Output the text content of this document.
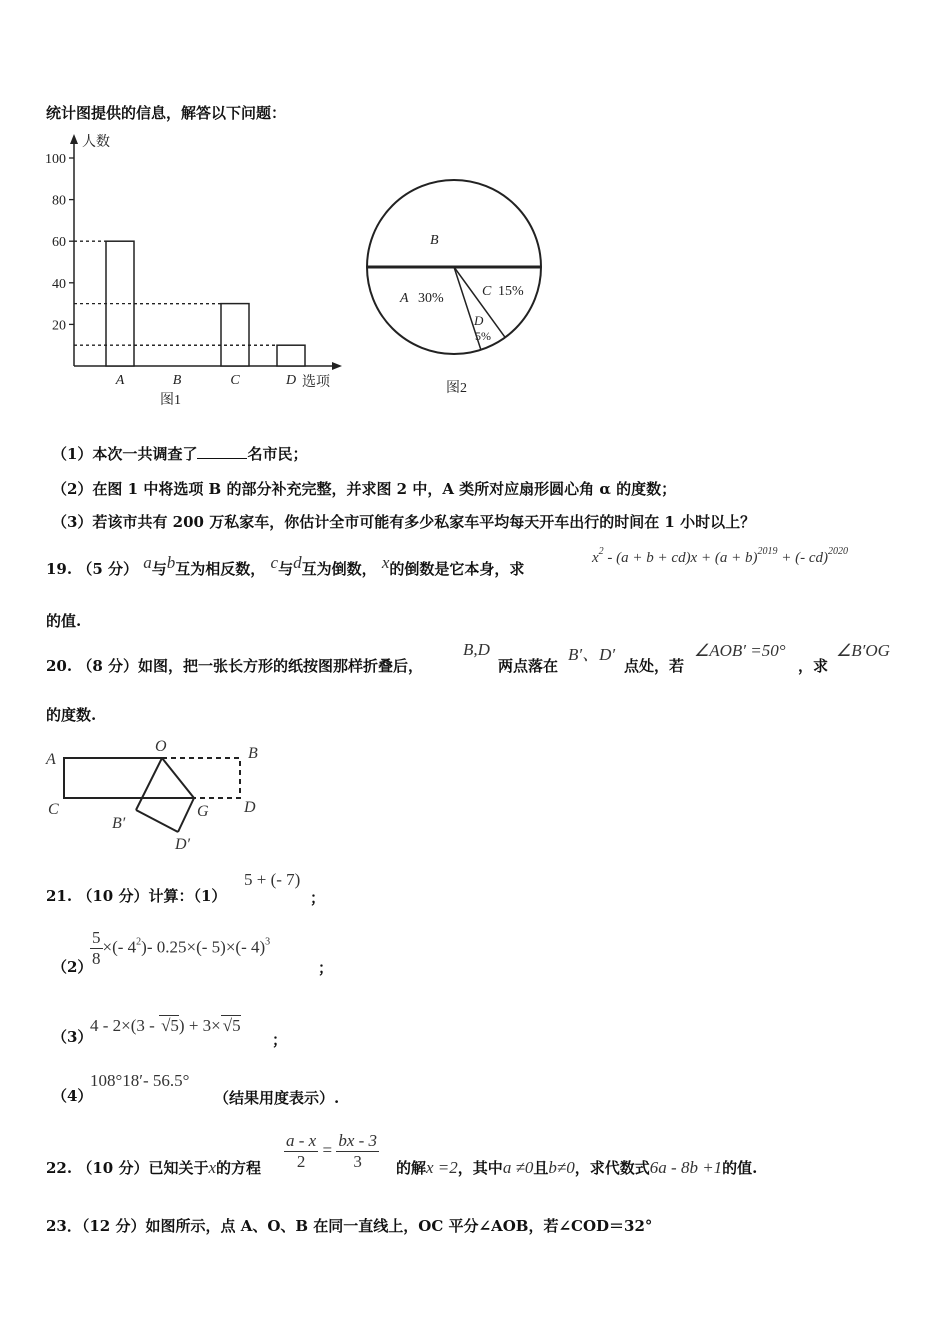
统计图提供的信息，解答以下问题：
人数
选项
图1
20
40
60
80
100
A	B	C	D
B
A 30%	C 15%
D
5%
图2
（1）本次一共调查了	名市民；
（2）在图 1 中将选项 B 的部分补充完整，并求图 2 中，A 类所对应扇形圆心角 α 的度数；
（3）若该市共有 200 万私家车，你估计全市可能有多少私家车平均每天开车出行的时间在 1 小时以上？
19. （5 分） a与b互为相反数， c与d互为倒数， x的倒数是它本身，求
$x^2 - (a + b + cd)x + (a + b)^{2019}$ + (- cd)$^{2020}$
的值.
20. （8 分）如图，把一张长方形的纸按图那样折叠后，
B,D
两点落在
B′、D′
点处，若
∠AOB′ =50°
，求
∠B′OG
的度数.
A
O	B
C	G D
B′
D′
21. （10 分）计算：（1）
5 + (- 7)
；
（2）
$\frac{5}{8}$ ×(- $4^2)-$ 0.25×(- 5)×(- 4)$^3$
；
（3）
4 - 2×(3 - √5) + 3× √5
；
（4）
108°18′- 56.5°
（结果用度表示）.
22. （10 分）已知关于x的方程 $\frac{a - x}{2} = \frac{bx - 3}{3}$ 的解x =2，其中a ≠0且b≠0，求代数式6a - 8b +1的值.
23．（12 分）如图所示，点 A、O、B 在同一直线上，OC 平分∠AOB，若∠COD＝32°
